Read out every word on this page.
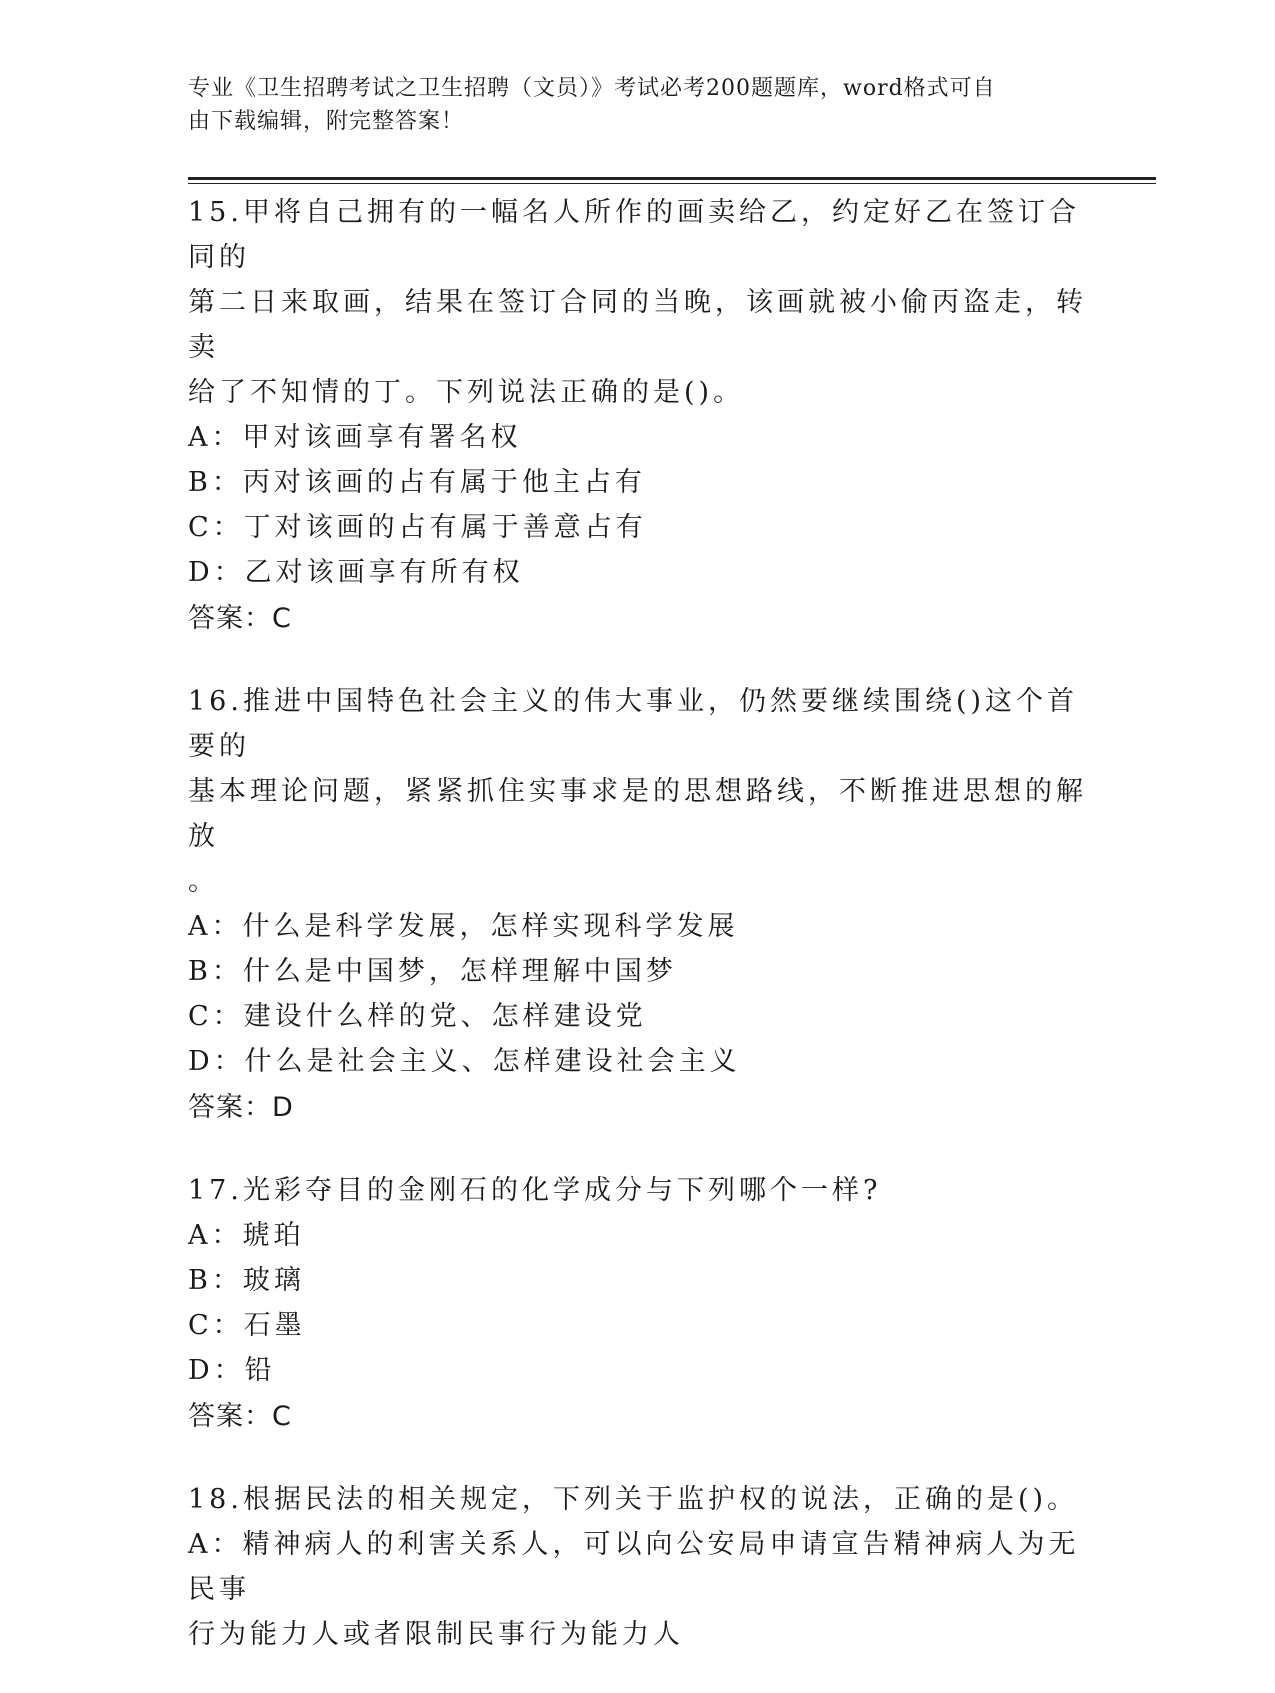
专业《卫生招聘考试之卫生招聘（文员）》考试必考200题题库，word格式可自
由下载编辑，附完整答案！

15.甲将自己拥有的一幅名人所作的画卖给乙，约定好乙在签订合同的

第二日来取画，结果在签订合同的当晚，该画就被小偷丙盗走，转卖

给了不知情的丁。下列说法正确的是()。

A：甲对该画享有署名权

B：丙对该画的占有属于他主占有

C：丁对该画的占有属于善意占有

D：乙对该画享有所有权

答案：C

16.推进中国特色社会主义的伟大事业，仍然要继续围绕()这个首要的

基本理论问题，紧紧抓住实事求是的思想路线，不断推进思想的解放

。

A：什么是科学发展，怎样实现科学发展

B：什么是中国梦，怎样理解中国梦

C：建设什么样的党、怎样建设党

D：什么是社会主义、怎样建设社会主义

答案：D

17.光彩夺目的金刚石的化学成分与下列哪个一样?

A：琥珀

B：玻璃

C：石墨

D：铅

答案：C

18.根据民法的相关规定，下列关于监护权的说法，正确的是()。

A：精神病人的利害关系人，可以向公安局申请宣告精神病人为无民事

行为能力人或者限制民事行为能力人
